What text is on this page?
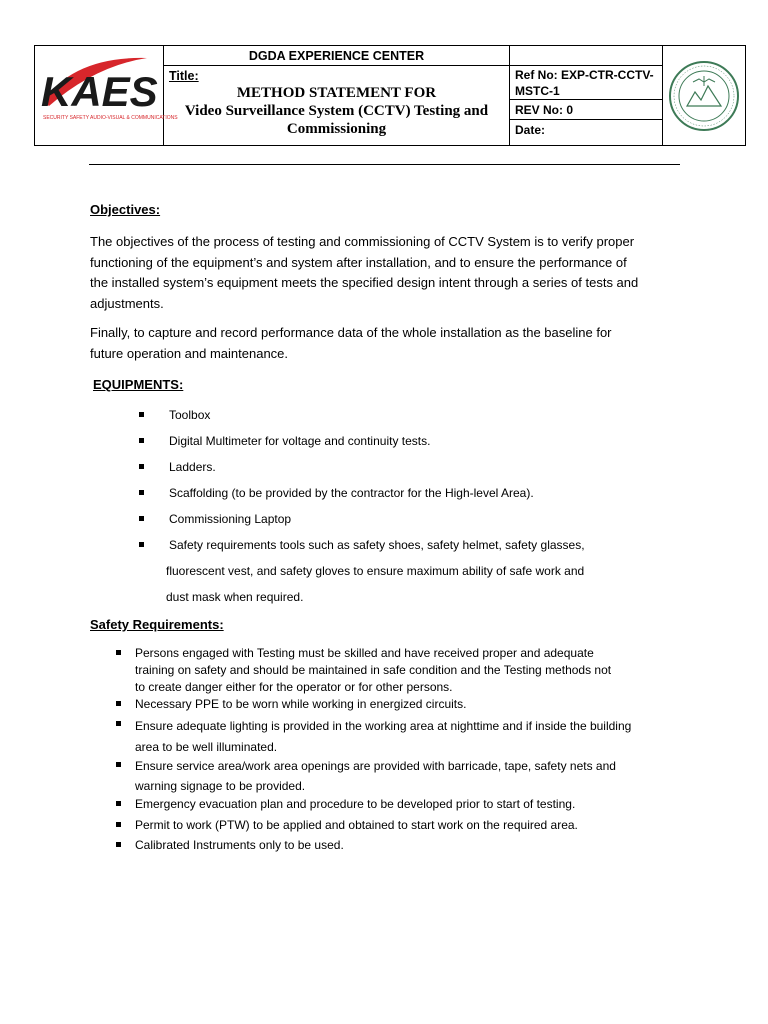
KAES
SECURITY SAFETY AUDIO-VISUAL & COMMUNICATIONS
DGDA EXPERIENCE CENTER
Title:
METHOD STATEMENT FOR
Video Surveillance System (CCTV) Testing and
Commissioning
Ref No: EXP-CTR-CCTV-
MSTC-1
REV No: 0
Date:
Objectives:
The objectives of the process of testing and commissioning of CCTV System is to verify proper
functioning of the equipment’s and system after installation, and to ensure the performance of
the installed system’s equipment meets the specified design intent through a series of tests and
adjustments.
Finally, to capture and record performance data of the whole installation as the baseline for
future operation and maintenance.
EQUIPMENTS:
Toolbox
Digital Multimeter for voltage and continuity tests.
Ladders.
Scaffolding (to be provided by the contractor for the High-level Area).
Commissioning Laptop
Safety requirements tools such as safety shoes, safety helmet, safety glasses,
fluorescent vest, and safety gloves to ensure maximum ability of safe work and
dust mask when required.
Safety Requirements:
Persons engaged with Testing must be skilled and have received proper and adequate
training on safety and should be maintained in safe condition and the Testing methods not
to create danger either for the operator or for other persons.
Necessary PPE to be worn while working in energized circuits.
Ensure adequate lighting is provided in the working area at nighttime and if inside the building
area to be well illuminated.
Ensure service area/work area openings are provided with barricade, tape, safety nets and
warning signage to be provided.
Emergency evacuation plan and procedure to be developed prior to start of testing.
Permit to work (PTW) to be applied and obtained to start work on the required area.
Calibrated Instruments only to be used.
